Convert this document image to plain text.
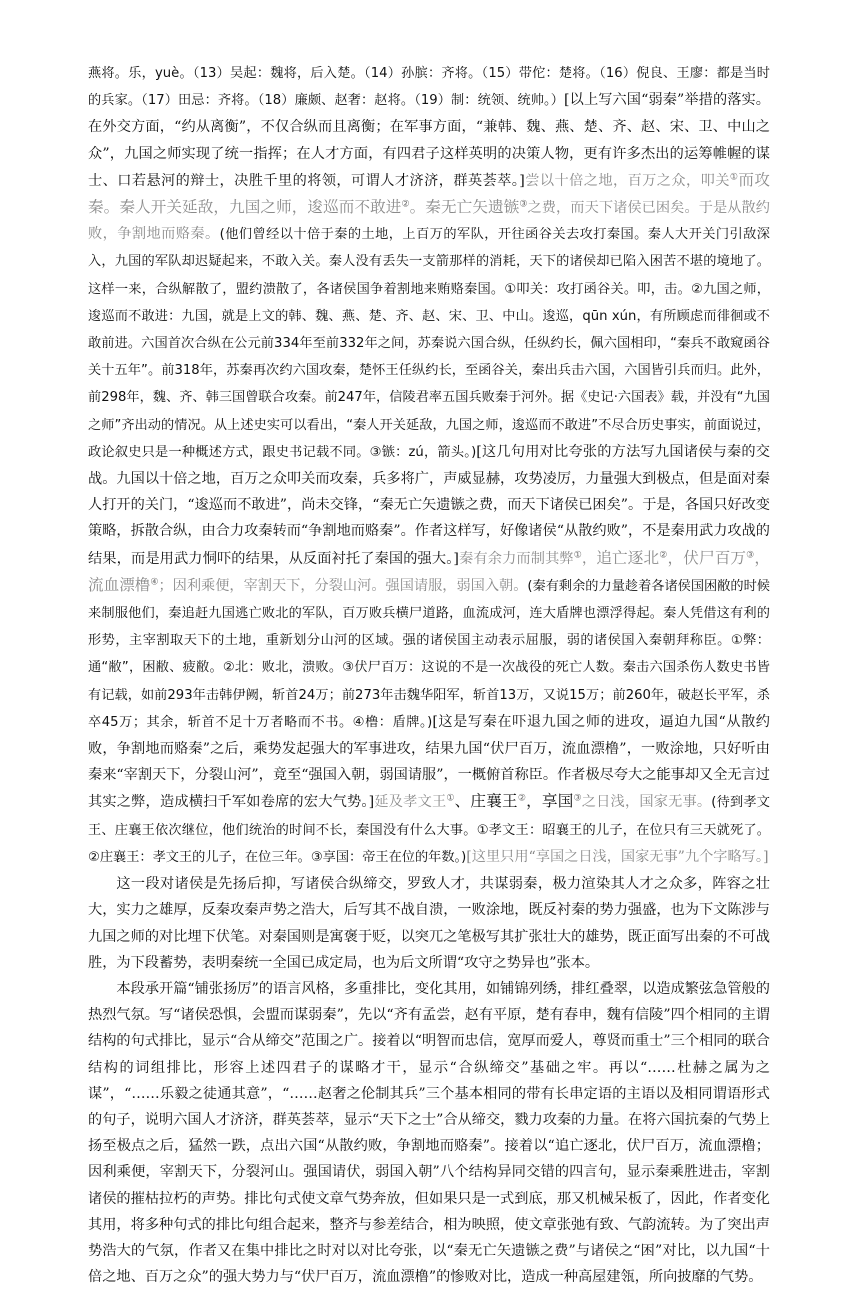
燕将。乐，yuè。（13）吴起：魏将，后入楚。（14）孙膑：齐将。（15）带佗：楚将。（16）倪良、王廖：都是当时的兵家。（17）田忌：齐将。（18）廉颇、赵奢：赵将。（19）制：统领、统帅。）[以上写六国“弱秦”举措的落实。在外交方面，“约从离衡”，不仅合纵而且离衡；在军事方面，“兼韩、魏、燕、楚、齐、赵、宋、卫、中山之众”，九国之师实现了统一指挥；在人才方面，有四君子这样英明的决策人物，更有许多杰出的运筹帷幄的谋士、口若悬河的辩士，决胜千里的将领，可谓人才济济，群英荟萃。]尝以十倍之地，百万之众，叩关①而攻秦。秦人开关延敌，九国之师，逡巡而不敢进②。秦无亡矢遗镞③之费，而天下诸侯已困矣。于是从散约败，争割地而赂秦。(他们曾经以十倍于秦的土地，上百万的军队，开往函谷关去攻打秦国。秦人大开关门引敌深入，九国的军队却迟疑起来，不敢入关。秦人没有丢失一支箭那样的消耗，天下的诸侯却已陷入困苦不堪的境地了。这样一来，合纵解散了，盟约溃散了，各诸侯国争着割地来贿赂秦国。①叩关：攻打函谷关。叩，击。②九国之师，逡巡而不敢进：九国，就是上文的韩、魏、燕、楚、齐、赵、宋、卫、中山。逡巡，qūn xún，有所顾虑而徘徊或不敢前进。六国首次合纵在公元前334年至前332年之间，苏秦说六国合纵，任纵约长，佩六国相印，“秦兵不敢窥函谷关十五年”。前318年，苏秦再次约六国攻秦，楚怀王任纵约长，至函谷关，秦出兵击六国，六国皆引兵而归。此外，前298年，魏、齐、韩三国曾联合攻秦。前247年，信陵君率五国兵败秦于河外。据《史记·六国表》载，并没有“九国之师”齐出动的情况。从上述史实可以看出，“秦人开关延敌，九国之师，逡巡而不敢进”不尽合历史事实，前面说过，政论叙史只是一种概述方式，跟史书记载不同。③镞：zú，箭头。)[这几句用对比夸张的方法写九国诸侯与秦的交战。九国以十倍之地，百万之众叩关而攻秦，兵多将广，声威显赫，攻势凌厉，力量强大到极点，但是面对秦人打开的关门，“逡巡而不敢进”，尚未交锋，“秦无亡矢遗镞之费，而天下诸侯已困矣”。于是，各国只好改变策略，拆散合纵，由合力攻秦转而“争割地而赂秦”。作者这样写，好像诸侯“从散约败”，不是秦用武力攻战的结果，而是用武力恫吓的结果，从反面衬托了秦国的强大。]秦有余力而制其弊①，追亡逐北②，伏尸百万③，流血漂橹④；因利乘便，宰割天下，分裂山河。强国请服，弱国入朝。(秦有剩余的力量趁着各诸侯国困敝的时候来制服他们，秦追赶九国逃亡败北的军队，百万败兵横尸道路，血流成河，连大盾牌也漂浮得起。秦人凭借这有利的形势，主宰割取天下的土地，重新划分山河的区域。强的诸侯国主动表示屈服，弱的诸侯国入秦朝拜称臣。①弊：通“敝”，困敝、疲敝。②北：败北，溃败。③伏尸百万：这说的不是一次战役的死亡人数。秦击六国杀伤人数史书皆有记载，如前293年击韩伊阙，斩首24万；前273年击魏华阳军，斩首13万，又说15万；前260年，破赵长平军，杀卒45万；其余，斩首不足十万者略而不书。④橹：盾牌。)[这是写秦在吓退九国之师的进攻，逼迫九国“从散约败，争割地而赂秦”之后，乘势发起强大的军事进攻，结果九国“伏尸百万，流血漂橹”，一败涂地，只好听由秦来“宰割天下，分裂山河”，竟至“强国入朝，弱国请服”，一概俯首称臣。作者极尽夸大之能事却又全无言过其实之弊，造成横扫千军如卷席的宏大气势。]延及孝文王①、庄襄王②，享国③之日浅，国家无事。(待到孝文王、庄襄王依次继位，他们统治的时间不长，秦国没有什么大事。①孝文王：昭襄王的儿子，在位只有三天就死了。②庄襄王：孝文王的儿子，在位三年。③享国：帝王在位的年数。)[这里只用“享国之日浅，国家无事”九个字略写。]

这一段对诸侯是先扬后抑，写诸侯合纵缔交，罗致人才，共谋弱秦，极力渲染其人才之众多，阵容之壮大，实力之雄厚，反秦攻秦声势之浩大，后写其不战自溃，一败涂地，既反衬秦的势力强盛，也为下文陈涉与九国之师的对比埋下伏笔。对秦国则是寓褒于贬，以突兀之笔极写其扩张壮大的雄势，既正面写出秦的不可战胜，为下段蓄势，表明秦统一全国已成定局，也为后文所谓“攻守之势异也”张本。

本段承开篇“铺张扬厉”的语言风格，多重排比，变化其用，如铺锦列绣，排红叠翠，以造成繁弦急管般的热烈气氛。写“诸侯恐惧，会盟而谋弱秦”，先以“齐有孟尝，赵有平原，楚有春申，魏有信陵”四个相同的主谓结构的句式排比，显示“合从缔交”范围之广。接着以“明智而忠信，宽厚而爱人，尊贤而重士”三个相同的联合结构的词组排比，形容上述四君子的谋略才干，显示“合纵缔交”基础之牢。再以“……杜赫之属为之谋”，“……乐毅之徒通其意”，“……赵奢之伦制其兵”三个基本相同的带有长串定语的主语以及相同谓语形式的句子，说明六国人才济济，群英荟萃，显示“天下之士”合从缔交，戮力攻秦的力量。在将六国抗秦的气势上扬至极点之后，猛然一跌，点出六国“从散约败，争割地而赂秦”。接着以“追亡逐北，伏尸百万，流血漂橹；因利乘便，宰割天下，分裂河山。强国请伏，弱国入朝”八个结构异同交错的四言句，显示秦乘胜进击，宰割诸侯的摧枯拉朽的声势。排比句式使文章气势奔放，但如果只是一式到底，那又机械呆板了，因此，作者变化其用，将多种句式的排比句组合起来，整齐与参差结合，相为映照，使文章张弛有致、气韵流转。为了突出声势浩大的气氛，作者又在集中排比之时对以对比夸张，以“秦无亡矢遗镞之费”与诸侯之“困”对比，以九国“十倍之地、百万之众”的强大势力与“伏尸百万，流血漂橹”的惨败对比，造成一种高屋建瓴，所向披靡的气势。
